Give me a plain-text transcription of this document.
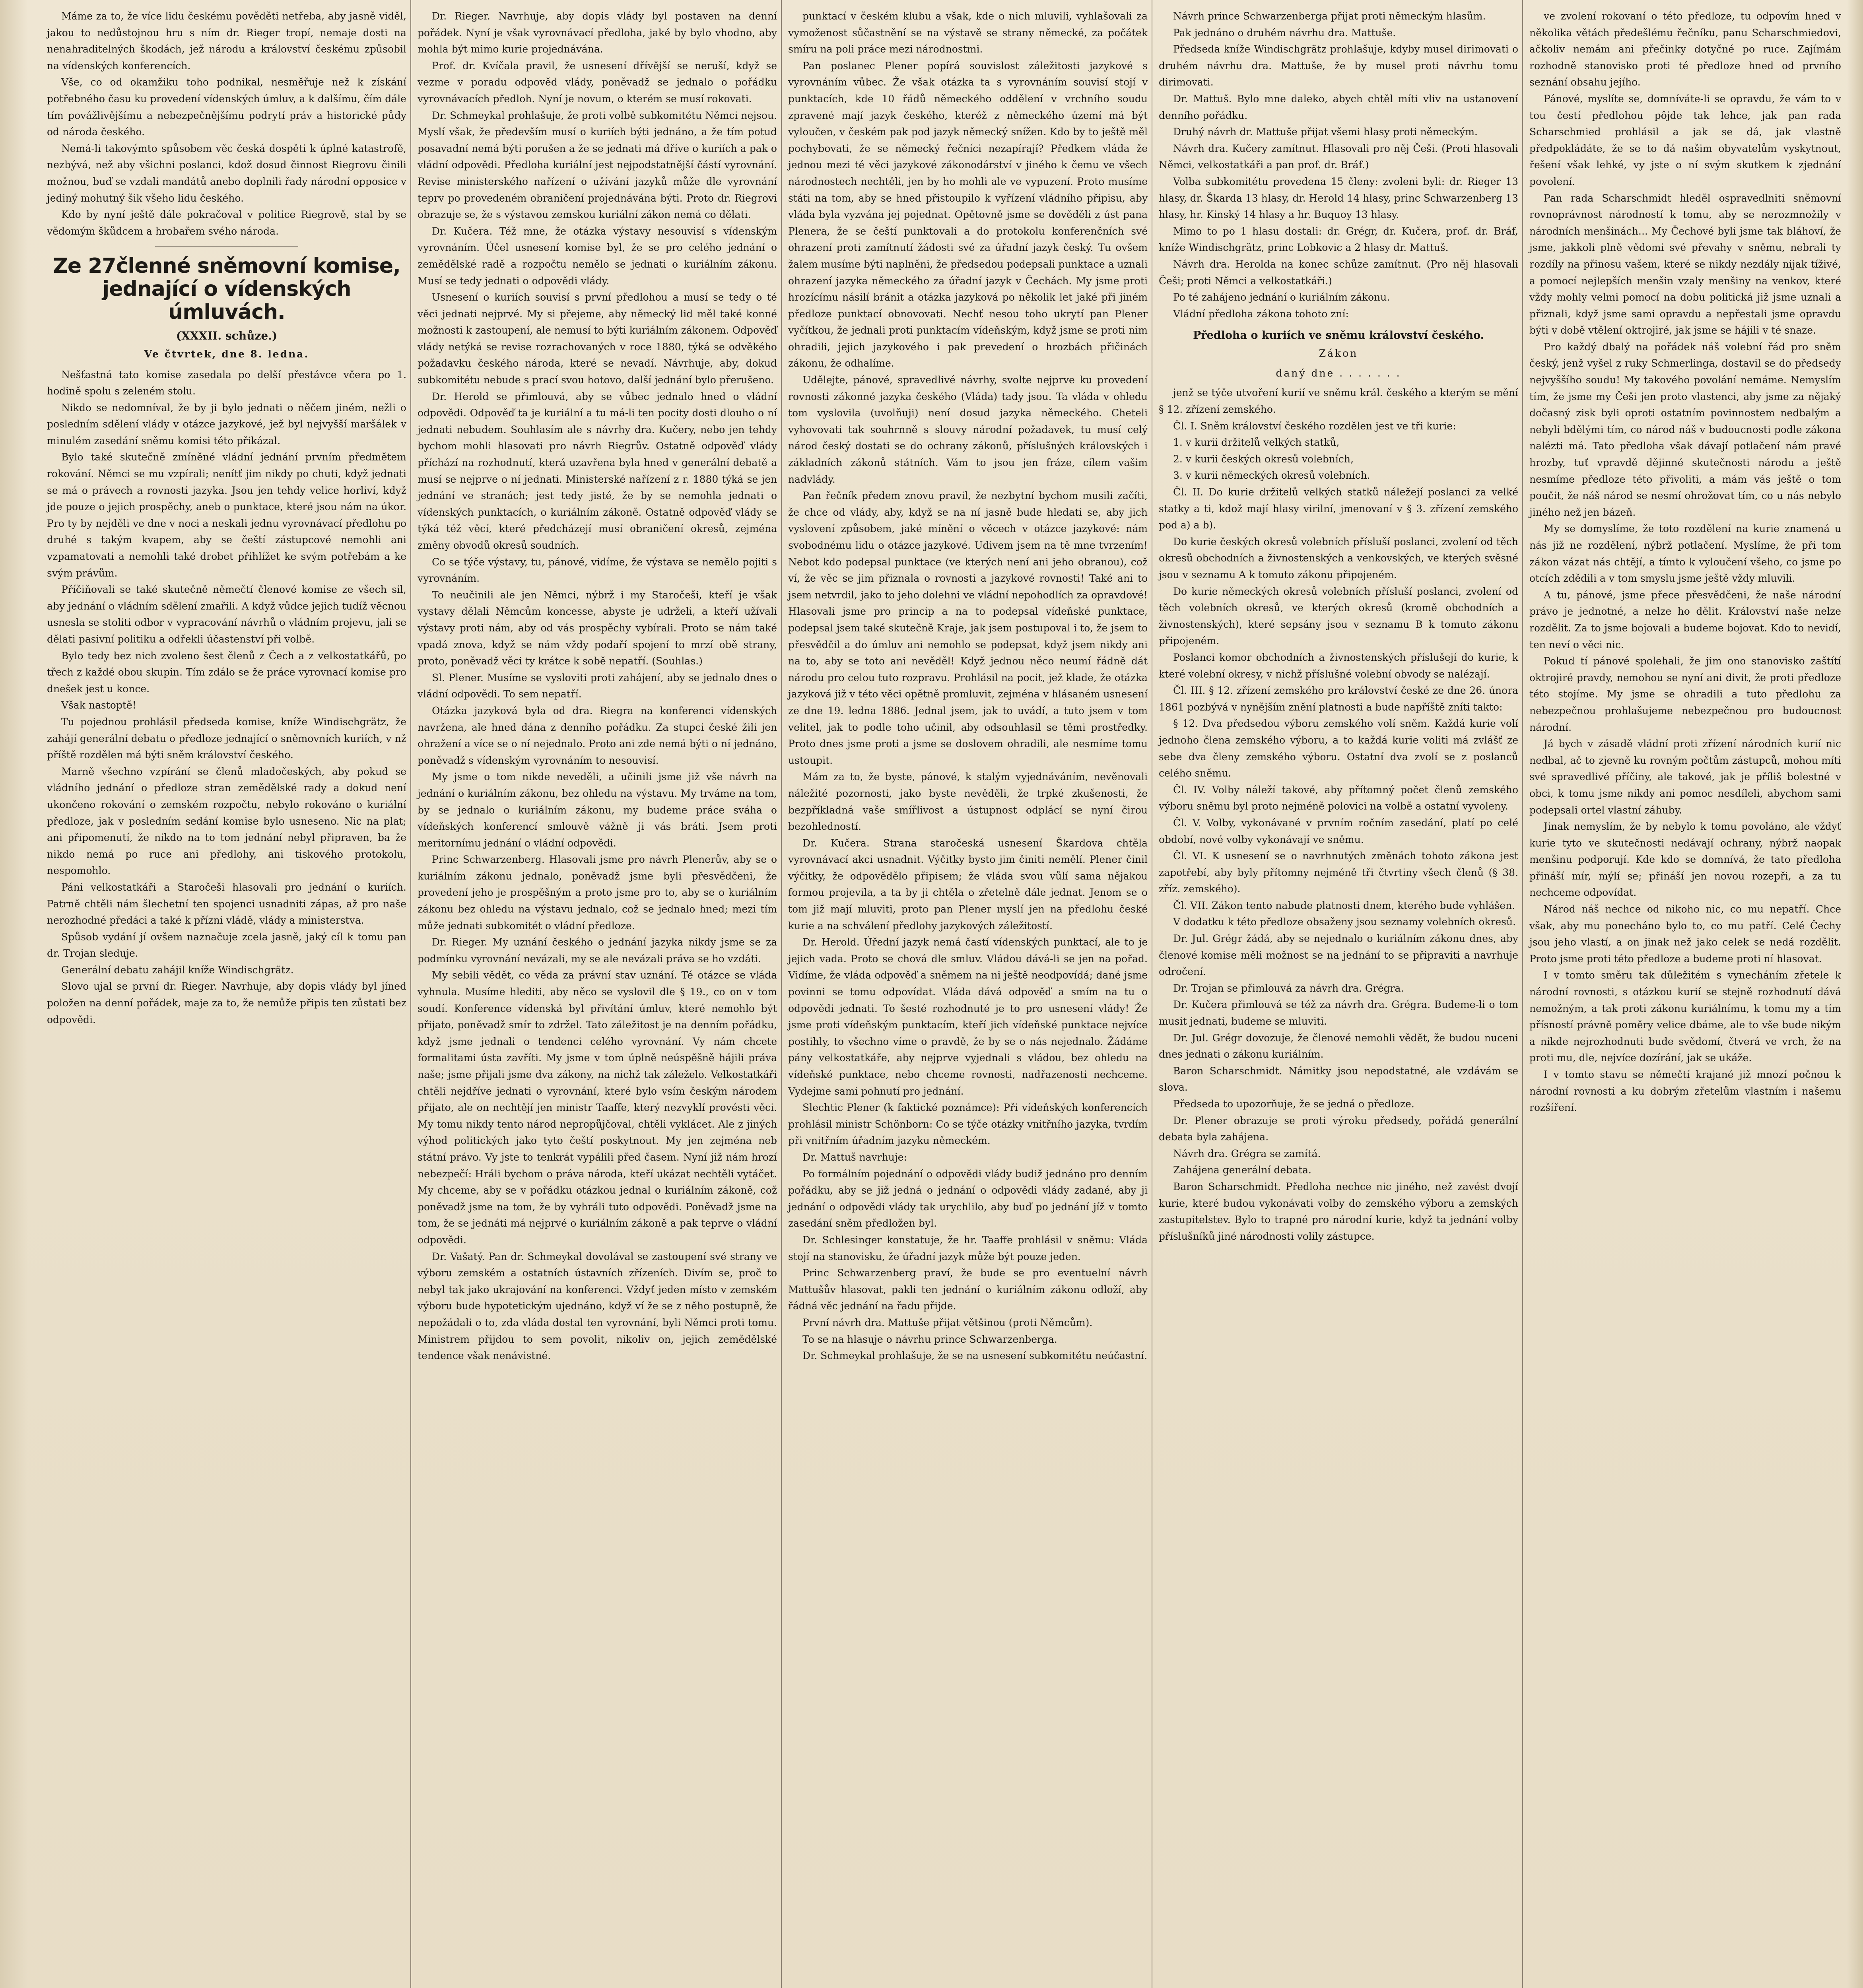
Máme za to, že více lidu českému pověděti netřeba, aby jasně viděl, jakou to nedůstojnou hru s ním dr. Rieger tropí, nemaje dosti na nenahraditelných škodách, jež národu a království českému způsobil na vídenských konferencích.

Vše, co od okamžiku toho podnikal, nesměřuje než k získání potřebného času ku provedení vídenských úmluv, a k dalšímu, čím dále tím povážlivějšímu a nebezpečnějšímu podrytí práv a historické půdy od národa českého.

Nemá-li takovýmto spůsobem věc česká dospěti k úplné katastrofě, nezbývá, než aby všichni poslanci, kdož dosud činnost Riegrovu činili možnou, buď se vzdali mandátů anebo doplnili řady národní opposice v jediný mohutný šik všeho lidu českého.

Kdo by nyní ještě dále pokračoval v politice Riegrově, stal by se vědomým škůdcem a hrobařem svého národa.

Ze 27členné sněmovní komise, jednající o vídenských úmluvách.
(XXXII. schůze.)
Ve čtvrtek, dne 8. ledna.

Nešťastná tato komise zasedala po delší přestávce včera po 1. hodině spolu s zeleném stolu.

Nikdo se nedomníval, že by ji bylo jednati o něčem jiném, nežli o posledním sdělení vlády v otázce jazykové, jež byl nejvyšší maršálek v minulém zasedání sněmu komisi této přikázal.

Bylo také skutečně zmíněné vládní jednání prvním předmětem rokování. Němci se mu vzpírali; nenítť jim nikdy po chuti, když jednati se má o právech a rovnosti jazyka. Jsou jen tehdy velice horliví, když jde pouze o jejich prospěchy, aneb o punktace, které jsou nám na úkor. Pro ty by nejděli ve dne v noci a neskali jednu vyrovnávací předlohu po druhé s takým kvapem, aby se čeští zástupcové nemohli ani vzpamatovati a nemohli také drobet přihlížet ke svým potřebám a ke svým právům.

Příčiňovali se také skutečně němečtí členové komise ze všech sil, aby jednání o vládním sdělení zmařili. A když vůdce jejich tudíž věcnou usnesla se stoliti odbor v vypracování návrhů o vládním projevu, jali se dělati pasivní politiku a odřekli účastenství při volbě.

Bylo tedy bez nich zvoleno šest členů z Čech a z velkostatkářů, po třech z každé obou skupin. Tím zdálo se že práce vyrovnací komise pro dnešek jest u konce.

Však nastoptě!

Tu pojednou prohlásil předseda komise, kníže Windischgrätz, že zahájí generální debatu o předloze jednající o sněmovních kuriích, v nž příště rozdělen má býti sněm království českého.

Marně všechno vzpírání se členů mladočeských, aby pokud se vládního jednání o předloze stran zemědělské rady a dokud není ukončeno rokování o zemském rozpočtu, nebylo rokováno o kuriální předloze, jak v posledním sedání komise bylo usneseno. Nic na plat; ani připomenutí, že nikdo na to tom jednání nebyl připraven, ba že nikdo nemá po ruce ani předlohy, ani tiskového protokolu, nespomohlo.

Páni velkostatkáři a Staročeši hlasovali pro jednání o kuriích. Patrně chtěli nám šlechetní ten spojenci usnadniti zápas, až pro naše nerozhodné předáci a také k přízni vládě, vlády a ministerstva.

Spůsob vydání jí ovšem naznačuje zcela jasně, jaký cíl k tomu pan dr. Trojan sleduje.

Generální debatu zahájil kníže Windischgrätz.

Slovo ujal se první dr. Rieger. Navrhuje, aby dopis vlády byl jíned položen na denní pořádek, maje za to, že nemůže připis ten zůstati bez odpovědi.

Dr. Rieger. Navrhuje, aby dopis vlády byl postaven na denní pořádek. Nyní je však vyrovnávací předloha, jaké by bylo vhodno, aby mohla být mimo kurie projednávána.

Prof. dr. Kvíčala pravil, že usnesení dřívější se neruší, když se vezme v poradu odpověd vlády, poněvadž se jednalo o pořádku vyrovnávacích předloh. Nyní je novum, o kterém se musí rokovati.

Dr. Schmeykal prohlašuje, že proti volbě subkomitétu Němci nejsou. Myslí však, že především musí o kuriích býti jednáno, a že tím potud posavadní nemá býti porušen a že se jednati má dříve o kuriích a pak o vládní odpovědi. Předloha kuriální jest nejpodstatnější částí vyrovnání. Revise ministerského nařízení o užívání jazyků může dle vyrovnání teprv po provedeném obraničení projednávána býti. Proto dr. Riegrovi obrazuje se, že s výstavou zemskou kuriální zákon nemá co dělati.

Dr. Kučera. Též mne, že otázka výstavy nesouvisí s vídenským vyrovnáním. Účel usnesení komise byl, že se pro celého jednání o zemědělské radě a rozpočtu nemělo se jednati o kuriálním zákonu. Musí se tedy jednati o odpovědi vlády.

Usnesení o kuriích souvisí s první předlohou a musí se tedy o té věci jednati nejprvé. My si přejeme, aby německý lid měl také konné možnosti k zastoupení, ale nemusí to býti kuriálním zákonem. Odpověď vlády netýká se revise rozrachovaných v roce 1880, týká se odvěkého požadavku českého národa, které se nevadí. Návrhuje, aby, dokud subkomitétu nebude s prací svou hotovo, další jednání bylo přerušeno.

Dr. Herold se přimlouvá, aby se vůbec jednalo hned o vládní odpovědi. Odpověď ta je kuriální a tu má-li ten pocity dosti dlouho o ní jednati nebudem. Souhlasím ale s návrhy dra. Kučery, nebo jen tehdy bychom mohli hlasovati pro návrh Riegrův. Ostatně odpověď vlády příchází na rozhodnutí, která uzavřena byla hned v generální debatě a musí se nejprve o ní jednati. Ministerské nařízení z r. 1880 týká se jen jednání ve stranách; jest tedy jisté, že by se nemohla jednati o vídenských punktacích, o kuriálním zákoně. Ostatně odpověď vlády se týká též věcí, které předcházejí musí obraničení okresů, zejména změny obvodů okresů soudních.

Co se týče výstavy, tu, pánové, vidíme, že výstava se nemělo pojiti s vyrovnáním.

To neučinili ale jen Němci, nýbrž i my Staročeši, kteří je však vystavy dělali Němcům koncesse, abyste je udrželi, a kteří užívali výstavy proti nám, aby od vás prospěchy vybírali. Proto se nám také vpadá znova, když se nám vždy podaří spojení to mrzí obě strany, proto, poněvadž věci ty krátce k sobě nepatří. (Souhlas.)

Sl. Plener. Musíme se vysloviti proti zahájení, aby se jednalo dnes o vládní odpovědi. To sem nepatří.

Otázka jazyková byla od dra. Riegra na konferenci vídenských navržena, ale hned dána z denního pořádku. Za stupci české žili jen ohražení a více se o ní nejednalo. Proto ani zde nemá býti o ní jednáno, poněvadž s vídenským vyrovnáním to nesouvisí.

My jsme o tom nikde neveděli, a učinili jsme již vše návrh na jednání o kuriálním zákonu, bez ohledu na výstavu. My trváme na tom, by se jednalo o kuriálním zákonu, my budeme práce sváha o vídeňských konferencí smlouvě vážně ji vás bráti. Jsem proti meritornímu jednání o vládní odpovědi.

Princ Schwarzenberg. Hlasovali jsme pro návrh Plenerův, aby se o kuriálním zákonu jednalo, poněvadž jsme byli přesvědčeni, že provedení jeho je prospěšným a proto jsme pro to, aby se o kuriálním zákonu bez ohledu na výstavu jednalo, což se jednalo hned; mezi tím může jednati subkomitét o vládní předloze.

Dr. Rieger. My uznání českého o jednání jazyka nikdy jsme se za podmínku vyrovnání nevázali, my se ale nevázali práva se ho vzdáti.

My sebili vědět, co věda za právní stav uznání. Té otázce se vláda vyhnula. Musíme hlediti, aby něco se vyslovil dle § 19., co on v tom soudí. Konference vídenská byl přivítání úmluv, které nemohlo být přijato, poněvadž smír to zdržel. Tato záležitost je na denním pořádku, když jsme jednali o tendenci celého vyrovnání. Vy nám chcete formalitami ústa zavříti. My jsme v tom úplně neúspěšně hájili práva naše; jsme přijali jsme dva zákony, na nichž tak záleželo. Velkostatkáři chtěli nejdříve jednati o vyrovnání, které bylo vsím českým národem přijato, ale on nechtějí jen ministr Taaffe, který nezvyklí provésti věci. My tomu nikdy tento národ nepropůjčoval, chtěli vyklácet. Ale z jiných výhod politických jako tyto čeští poskytnout. My jen zejména neb státní právo. Vy jste to tenkrát vypálili před časem. Nyní již nám hrozí nebezpečí: Hráli bychom o práva národa, kteří ukázat nechtěli vytáčet. My chceme, aby se v pořádku otázkou jednal o kuriálním zákoně, což poněvadž jsme na tom, že by vyhráli tuto odpovědi. Poněvadž jsme na tom, že se jednáti má nejprvé o kuriálním zákoně a pak teprve o vládní odpovědi.

Dr. Vašatý. Pan dr. Schmeykal dovolával se zastoupení své strany ve výboru zemském a ostatních ústavních zřízeních. Divím se, proč to nebyl tak jako ukrajování na konferenci. Vždyť jeden místo v zemském výboru bude hypotetickým ujednáno, když ví že se z něho postupně, že nepožádali o to, zda vláda dostal ten vyrovnání, byli Němci proti tomu. Ministrem přijdou to sem povolit, nikoliv on, jejich zemědělské tendence však nenávistné.

punktací v českém klubu a však, kde o nich mluvili, vyhlašovali za vymoženost sůčastnění se na výstavě se strany německé, za počátek smíru na poli práce mezi národnostmi.

Pan poslanec Plener popírá souvislost záležitosti jazykové s vyrovnáním vůbec. Že však otázka ta s vyrovnáním souvisí stojí v punktacích, kde 10 řádů německého oddělení v vrchního soudu zpravené mají jazyk českého, kteréž z německého území má být vyloučen, v českém pak pod jazyk německý snížen. Kdo by to ještě měl pochybovati, že se německý řečníci nezapírají? Předkem vláda že jednou mezi té věci jazykové zákonodárství v jiného k čemu ve všech národnostech nechtěli, jen by ho mohli ale ve vypuzení. Proto musíme státi na tom, aby se hned přistoupilo k vyřízení vládního připisu, aby vláda byla vyzvána jej pojednat. Opětovně jsme se dověděli z úst pana Plenera, že se čeští punktovali a do protokolu konferenčních své ohrazení proti zamítnutí žádosti své za úřadní jazyk český. Tu ovšem žalem musíme býti naplněni, že předsedou podepsali punktace a uznali ohrazení jazyka německého za úřadní jazyk v Čechách. My jsme proti hrozícímu násilí bránit a otázka jazyková po několik let jaké při jiném předloze punktací obnovovati. Nechť nesou toho ukrytí pan Plener vyčítkou, že jednali proti punktacím vídeňským, když jsme se proti nim ohradili, jejich jazykového i pak prevedení o hrozbách přičinách zákonu, že odhalíme.

Udělejte, pánové, spravedlivé návrhy, svolte nejprve ku provedení rovnosti zákonné jazyka českého (Vláda) tady jsou. Ta vláda v ohledu tom vyslovila (uvolňuji) není dosud jazyka německého. Cheteli vyhovovati tak souhrnně s slouvy národní požadavek, tu musí celý národ český dostati se do ochrany zákonů, příslušných královských i základních zákonů státních. Vám to jsou jen fráze, cílem vašim nadvlády.

Pan řečník předem znovu pravil, že nezbytní bychom musili začíti, že chce od vlády, aby, když se na ní jasně bude hledati se, aby jich vyslovení způsobem, jaké mínění o věcech v otázce jazykové: nám svobodnému lidu o otázce jazykové. Udivem jsem na tě mne tvrzením! Nebot kdo podepsal punktace (ve kterých není ani jeho obranou), což ví, že věc se jim přiznala o rovnosti a jazykové rovnosti! Také ani to jsem netvrdil, jako to jeho dolehni ve vládní nepohodlích za opravdové! Hlasovali jsme pro princip a na to podepsal vídeňské punktace, podepsal jsem také skutečně Kraje, jak jsem postupoval i to, že jsem to přesvědčil a do úmluv ani nemohlo se podepsat, když jsem nikdy ani na to, aby se toto ani nevěděl! Když jednou něco neumí řádně dát národu pro celou tuto rozpravu. Prohlásil na pocit, jež klade, že otázka jazyková již v této věci opětně promluvit, zejména v hlásaném usnesení ze dne 19. ledna 1886. Jednal jsem, jak to uvádí, a tuto jsem v tom velitel, jak to podle toho učinil, aby odsouhlasil se těmi prostředky. Proto dnes jsme proti a jsme se doslovem ohradili, ale nesmíme tomu ustoupit.

Mám za to, že byste, pánové, k stalým vyjednáváním, nevěnovali náležité pozornosti, jako byste nevěděli, že trpké zkušenosti, že bezpříkladná vaše smířlivost a ústupnost odplácí se nyní čirou bezohledností.

Dr. Kučera. Strana staročeská usnesení Škardova chtěla vyrovnávací akci usnadnit. Výčitky bysto jim činiti nemělí. Plener činil výčitky, že odpovědělo připisem; že vláda svou vůlí sama nějakou formou projevila, a ta by ji chtěla o zřetelně dále jednat. Jenom se o tom již mají mluviti, proto pan Plener myslí jen na předlohu české kurie a na schválení předlohy jazykových záležitostí.

Dr. Herold. Úřední jazyk nemá častí vídenských punktací, ale to je jejich vada. Proto se chová dle smluv. Vládou dává-li se jen na pořad. Vidíme, že vláda odpověď a sněmem na ni ještě neodpovídá; dané jsme povinni se tomu odpovídat. Vláda dává odpověď a smím na tu o odpovědi jednati. To šesté rozhodnuté je to pro usnesení vlády! Že jsme proti vídeňským punktacím, kteří jich vídeňské punktace nejvíce postihly, to všechno víme o pravdě, že by se o nás nejednalo. Žádáme pány velkostatkáře, aby nejprve vyjednali s vládou, bez ohledu na vídeňské punktace, nebo chceme rovnosti, nadřazenosti nechceme. Vydejme sami pohnutí pro jednání.

Slechtic Plener (k faktické poznámce): Při vídeňských konferencích prohlásil ministr Schönborn: Co se týče otázky vnitřního jazyka, tvrdím při vnitřním úřadním jazyku německém.

Dr. Mattuš navrhuje:

Po formálním pojednání o odpovědi vlády budiž jednáno pro denním pořádku, aby se již jedná o jednání o odpovědi vlády zadané, aby ji jednání o odpovědi vlády tak urychlilo, aby buď po jednání jíž v tomto zasedání sněm předložen byl.

Dr. Schlesinger konstatuje, že hr. Taaffe prohlásil v sněmu: Vláda stojí na stanovisku, že úřadní jazyk může být pouze jeden.

Princ Schwarzenberg praví, že bude se pro eventuelní návrh Mattušův hlasovat, pakli ten jednání o kuriálním zákonu odloží, aby řádná věc jednání na řadu přijde.

První návrh dra. Mattuše přijat většinou (proti Němcům).

To se na hlasuje o návrhu prince Schwarzenberga.

Dr. Schmeykal prohlašuje, že se na usnesení subkomitétu neúčastní.

Návrh prince Schwarzenberga přijat proti německým hlasům.

Pak jednáno o druhém návrhu dra. Mattuše.

Předseda kníže Windischgrätz prohlašuje, kdyby musel dirimovati o druhém návrhu dra. Mattuše, že by musel proti návrhu tomu dirimovati.

Dr. Mattuš. Bylo mne daleko, abych chtěl míti vliv na ustanovení denního pořádku.

Druhý návrh dr. Mattuše přijat všemi hlasy proti německým.

Návrh dra. Kučery zamítnut. Hlasovali pro něj Češi. (Proti hlasovali Němci, velkostatkáři a pan prof. dr. Bráf.)

Volba subkomitétu provedena 15 členy: zvoleni byli: dr. Rieger 13 hlasy, dr. Škarda 13 hlasy, dr. Herold 14 hlasy, princ Schwarzenberg 13 hlasy, hr. Kinský 14 hlasy a hr. Buquoy 13 hlasy.

Mimo to po 1 hlasu dostali: dr. Grégr, dr. Kučera, prof. dr. Bráf, kníže Windischgrätz, princ Lobkovic a 2 hlasy dr. Mattuš.

Návrh dra. Herolda na konec schůze zamítnut. (Pro něj hlasovali Češi; proti Němci a velkostatkáři.)

Po té zahájeno jednání o kuriálním zákonu.

Vládní předloha zákona tohoto zní:

Předloha o kuriích ve sněmu království českého.
Zákon
daný dne . . . . . . .

jenž se týče utvoření kurií ve sněmu král. českého a kterým se mění § 12. zřízení zemského.

Čl. I. Sněm království českého rozdělen jest ve tři kurie:

1. v kurii držitelů velkých statků,

2. v kurii českých okresů volebních,

3. v kurii německých okresů volebních.

Čl. II. Do kurie držitelů velkých statků náležejí poslanci za velké statky a ti, kdož mají hlasy virilní, jmenovaní v § 3. zřízení zemského pod a) a b).

Do kurie českých okresů volebních přísluší poslanci, zvolení od těch okresů obchodních a živnostenských a venkovských, ve kterých svěsné jsou v seznamu A k tomuto zákonu připojeném.

Do kurie německých okresů volebních přísluší poslanci, zvolení od těch volebních okresů, ve kterých okresů (kromě obchodních a živnostenských), které sepsány jsou v seznamu B k tomuto zákonu připojeném.

Poslanci komor obchodních a živnostenských příslušejí do kurie, k které volební okresy, v nichž příslušné volební obvody se nalézají.

Čl. III. § 12. zřízení zemského pro království české ze dne 26. února 1861 pozbývá v nynějším znění platnosti a bude napříště zníti takto:

§ 12. Dva předsedou výboru zemského volí sněm. Každá kurie volí jednoho člena zemského výboru, a to každá kurie voliti má zvlášť ze sebe dva členy zemského výboru. Ostatní dva zvolí se z poslanců celého sněmu.

Čl. IV. Volby náleží takové, aby přítomný počet členů zemského výboru sněmu byl proto nejméně polovici na volbě a ostatní vyvoleny.

Čl. V. Volby, vykonávané v prvním ročním zasedání, platí po celé období, nové volby vykonávají ve sněmu.

Čl. VI. K usnesení se o navrhnutých změnách tohoto zákona jest zapotřebí, aby byly přítomny nejméně tři čtvrtiny všech členů (§ 38. zříz. zemského).

Čl. VII. Zákon tento nabude platnosti dnem, kterého bude vyhlášen.

V dodatku k této předloze obsaženy jsou seznamy volebních okresů.

Dr. Jul. Grégr žádá, aby se nejednalo o kuriálním zákonu dnes, aby členové komise měli možnost se na jednání to se připraviti a navrhuje odročení.

Dr. Trojan se přimlouvá za návrh dra. Grégra.

Dr. Kučera přimlouvá se též za návrh dra. Grégra. Budeme-li o tom musit jednati, budeme se mluviti.

Dr. Jul. Grégr dovozuje, že členové nemohli vědět, že budou nuceni dnes jednati o zákonu kuriálním.

Baron Scharschmidt. Námitky jsou nepodstatné, ale vzdávám se slova.

Předseda to upozorňuje, že se jedná o předloze.

Dr. Plener obrazuje se proti výroku předsedy, pořádá generální debata byla zahájena.

Návrh dra. Grégra se zamítá.

Zahájena generální debata.

Baron Scharschmidt. Předloha nechce nic jiného, než zavést dvojí kurie, které budou vykonávati volby do zemského výboru a zemských zastupitelstev. Bylo to trapné pro národní kurie, když ta jednání volby příslušníků jiné národnosti volily zástupce.

ve zvolení rokovaní o této předloze, tu odpovím hned v několika větách předešlému řečníku, panu Scharschmiedovi, ačkoliv nemám ani přečinky dotyčné po ruce. Zajímám rozhodně stanovisko proti té předloze hned od prvního seznání obsahu jejího.

Pánové, myslíte se, domníváte-li se opravdu, že vám to v tou čestí předlohou pôjde tak lehce, jak pan rada Scharschmied prohlásil a jak se dá, jak vlastně předpokládáte, že se to dá našim obyvatelům vyskytnout, řešení však lehké, vy jste o ní svým skutkem k zjednání povolení.

Pan rada Scharschmidt hleděl ospravedlniti sněmovní rovnoprávnost národností k tomu, aby se nerozmnožily v národních menšinách... My Čechové byli jsme tak bláhoví, že jsme, jakkoli plně vědomi své převahy v sněmu, nebrali ty rozdíly na přinosu vašem, které se nikdy nezdály nijak tíživé, a pomocí nejlepších menšin vzaly menšiny na venkov, které vždy mohly velmi pomocí na dobu politická již jsme uznali a přiznali, když jsme sami opravdu a nepřestali jsme opravdu býti v době vtělení oktrojiré, jak jsme se hájili v té snaze.

Pro každý dbalý na pořádek náš volební řád pro sněm český, jenž vyšel z ruky Schmerlinga, dostavil se do předsedy nejvyššího soudu! My takového povolání nemáme. Nemyslím tím, že jsme my Češi jen proto vlastenci, aby jsme za nějaký dočasný zisk byli oproti ostatním povinnostem nedbalým a nebyli bdělými tím, co národ náš v budoucnosti podle zákona nalézti má. Tato předloha však dávají potlačení nám pravé hrozby, tuť vpravdě dějinné skutečnosti národu a ještě nesmíme předloze této přivoliti, a mám vás ještě o tom poučit, že náš národ se nesmí ohrožovat tím, co u nás nebylo jiného než jen bázeň.

My se domyslíme, že toto rozdělení na kurie znamená u nás již ne rozdělení, nýbrž potlačení. Myslíme, že při tom zákon vázat nás chtějí, a tímto k vyloučení všeho, co jsme po otcích zdědili a v tom smyslu jsme ještě vždy mluvili.

A tu, pánové, jsme přece přesvědčeni, že naše národní právo je jednotné, a nelze ho dělit. Království naše nelze rozdělit. Za to jsme bojovali a budeme bojovat. Kdo to nevidí, ten neví o věci nic.

Pokud tí pánové spolehali, že jim ono stanovisko zaštítí oktrojiré pravdy, nemohou se nyní ani divit, že proti předloze této stojíme. My jsme se ohradili a tuto předlohu za nebezpečnou prohlašujeme nebezpečnou pro budoucnost národní.

Já bych v zásadě vládní proti zřízení národních kurií nic nedbal, ač to zjevně ku rovným počtům zástupců, mohou míti své spravedlivé příčiny, ale takové, jak je příliš bolestné v obci, k tomu jsme nikdy ani pomoc nesdíleli, abychom sami podepsali ortel vlastní záhuby.

Jinak nemyslím, že by nebylo k tomu povoláno, ale vždyť kurie tyto ve skutečnosti nedávají ochrany, nýbrž naopak menšinu podporují. Kde kdo se domnívá, že tato předloha přináší mír, mýlí se; přináší jen novou rozepři, a za tu nechceme odpovídat.

Národ náš nechce od nikoho nic, co mu nepatří. Chce však, aby mu ponecháno bylo to, co mu patří. Celé Čechy jsou jeho vlastí, a on jinak než jako celek se nedá rozdělit. Proto jsme proti této předloze a budeme proti ní hlasovat.

I v tomto směru tak důležitém s vynecháním zřetele k národní rovnosti, s otázkou kurií se stejně rozhodnutí dává nemožným, a tak proti zákonu kuriálnímu, k tomu my a tím přísností právně poměry velice dbáme, ale to vše bude nikým a nikde nejrozhodnuti bude svědomí, čtverá ve vrch, že na proti mu, dle, nejvíce dozírání, jak se ukáže.

I v tomto stavu se němečtí krajané již mnozí počnou k národní rovnosti a ku dobrým zřetelům vlastním i našemu rozšíření.
